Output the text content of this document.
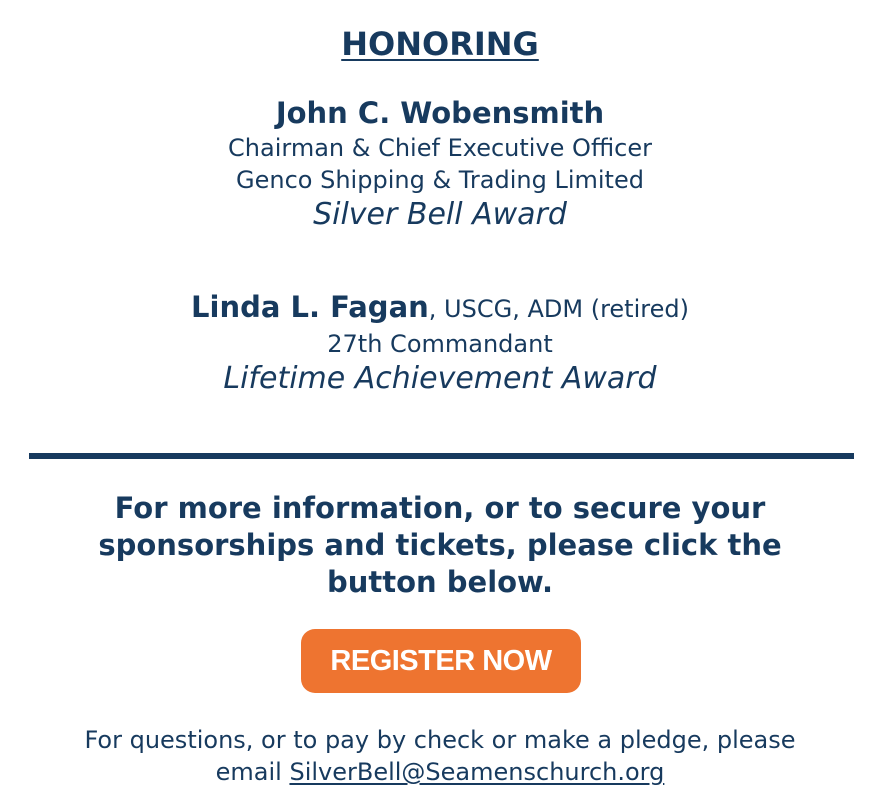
HONORING
John C. Wobensmith
Chairman & Chief Executive Officer
Genco Shipping & Trading Limited
Silver Bell Award
Linda L. Fagan, USCG, ADM (retired)
27th Commandant
Lifetime Achievement Award
For more information, or to secure your
sponsorships and tickets, please click the
button below.
REGISTER NOW
For questions, or to pay by check or make a pledge, please
email SilverBell@Seamenschurch.org
